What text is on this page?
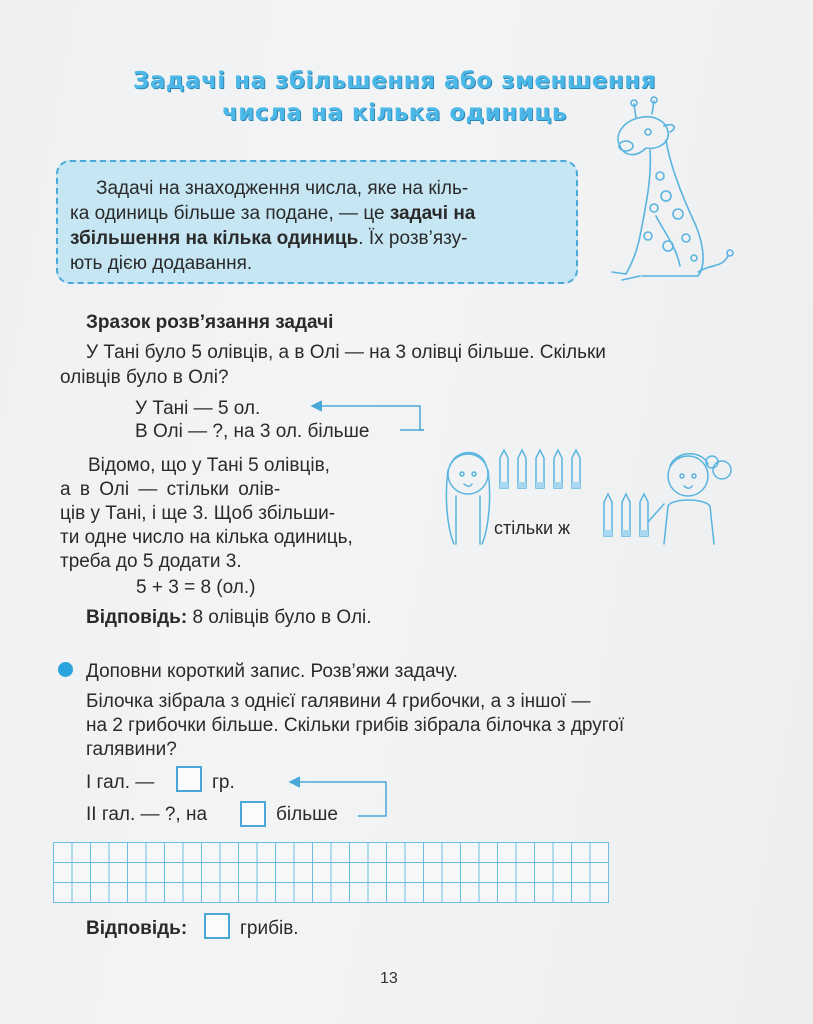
Задачі на збільшення або зменшення
числа на кілька одиниць
Задачі на знаходження числа, яке на кіль-
ка одиниць більше за подане, — це задачі на
збільшення на кілька одиниць. Їх розв’язу-
ють дією додавання.
Зразок розв’язання задачі
У Тані було 5 олівців, а в Олі — на 3 олівці більше. Скільки
олівців було в Олі?
У Тані — 5 ол.
В Олі — ?, на 3 ол. більше
Відомо, що у Тані 5 олівців,
а в Олі — стільки олів-
ців у Тані, і ще 3. Щоб збільши-
ти одне число на кілька одиниць,
треба до 5 додати 3.
5 + 3 = 8 (ол.)
Відповідь: 8 олівців було в Олі.
стільки ж
Доповни короткий запис. Розв’яжи задачу.
Білочка зібрала з однієї галявини 4 грибочки, а з іншої —
на 2 грибочки більше. Скільки грибів зібрала білочка з другої
галявини?
I гал. —	гр.
II гал. — ?, на	більше
Відповідь:	грибів.
13
